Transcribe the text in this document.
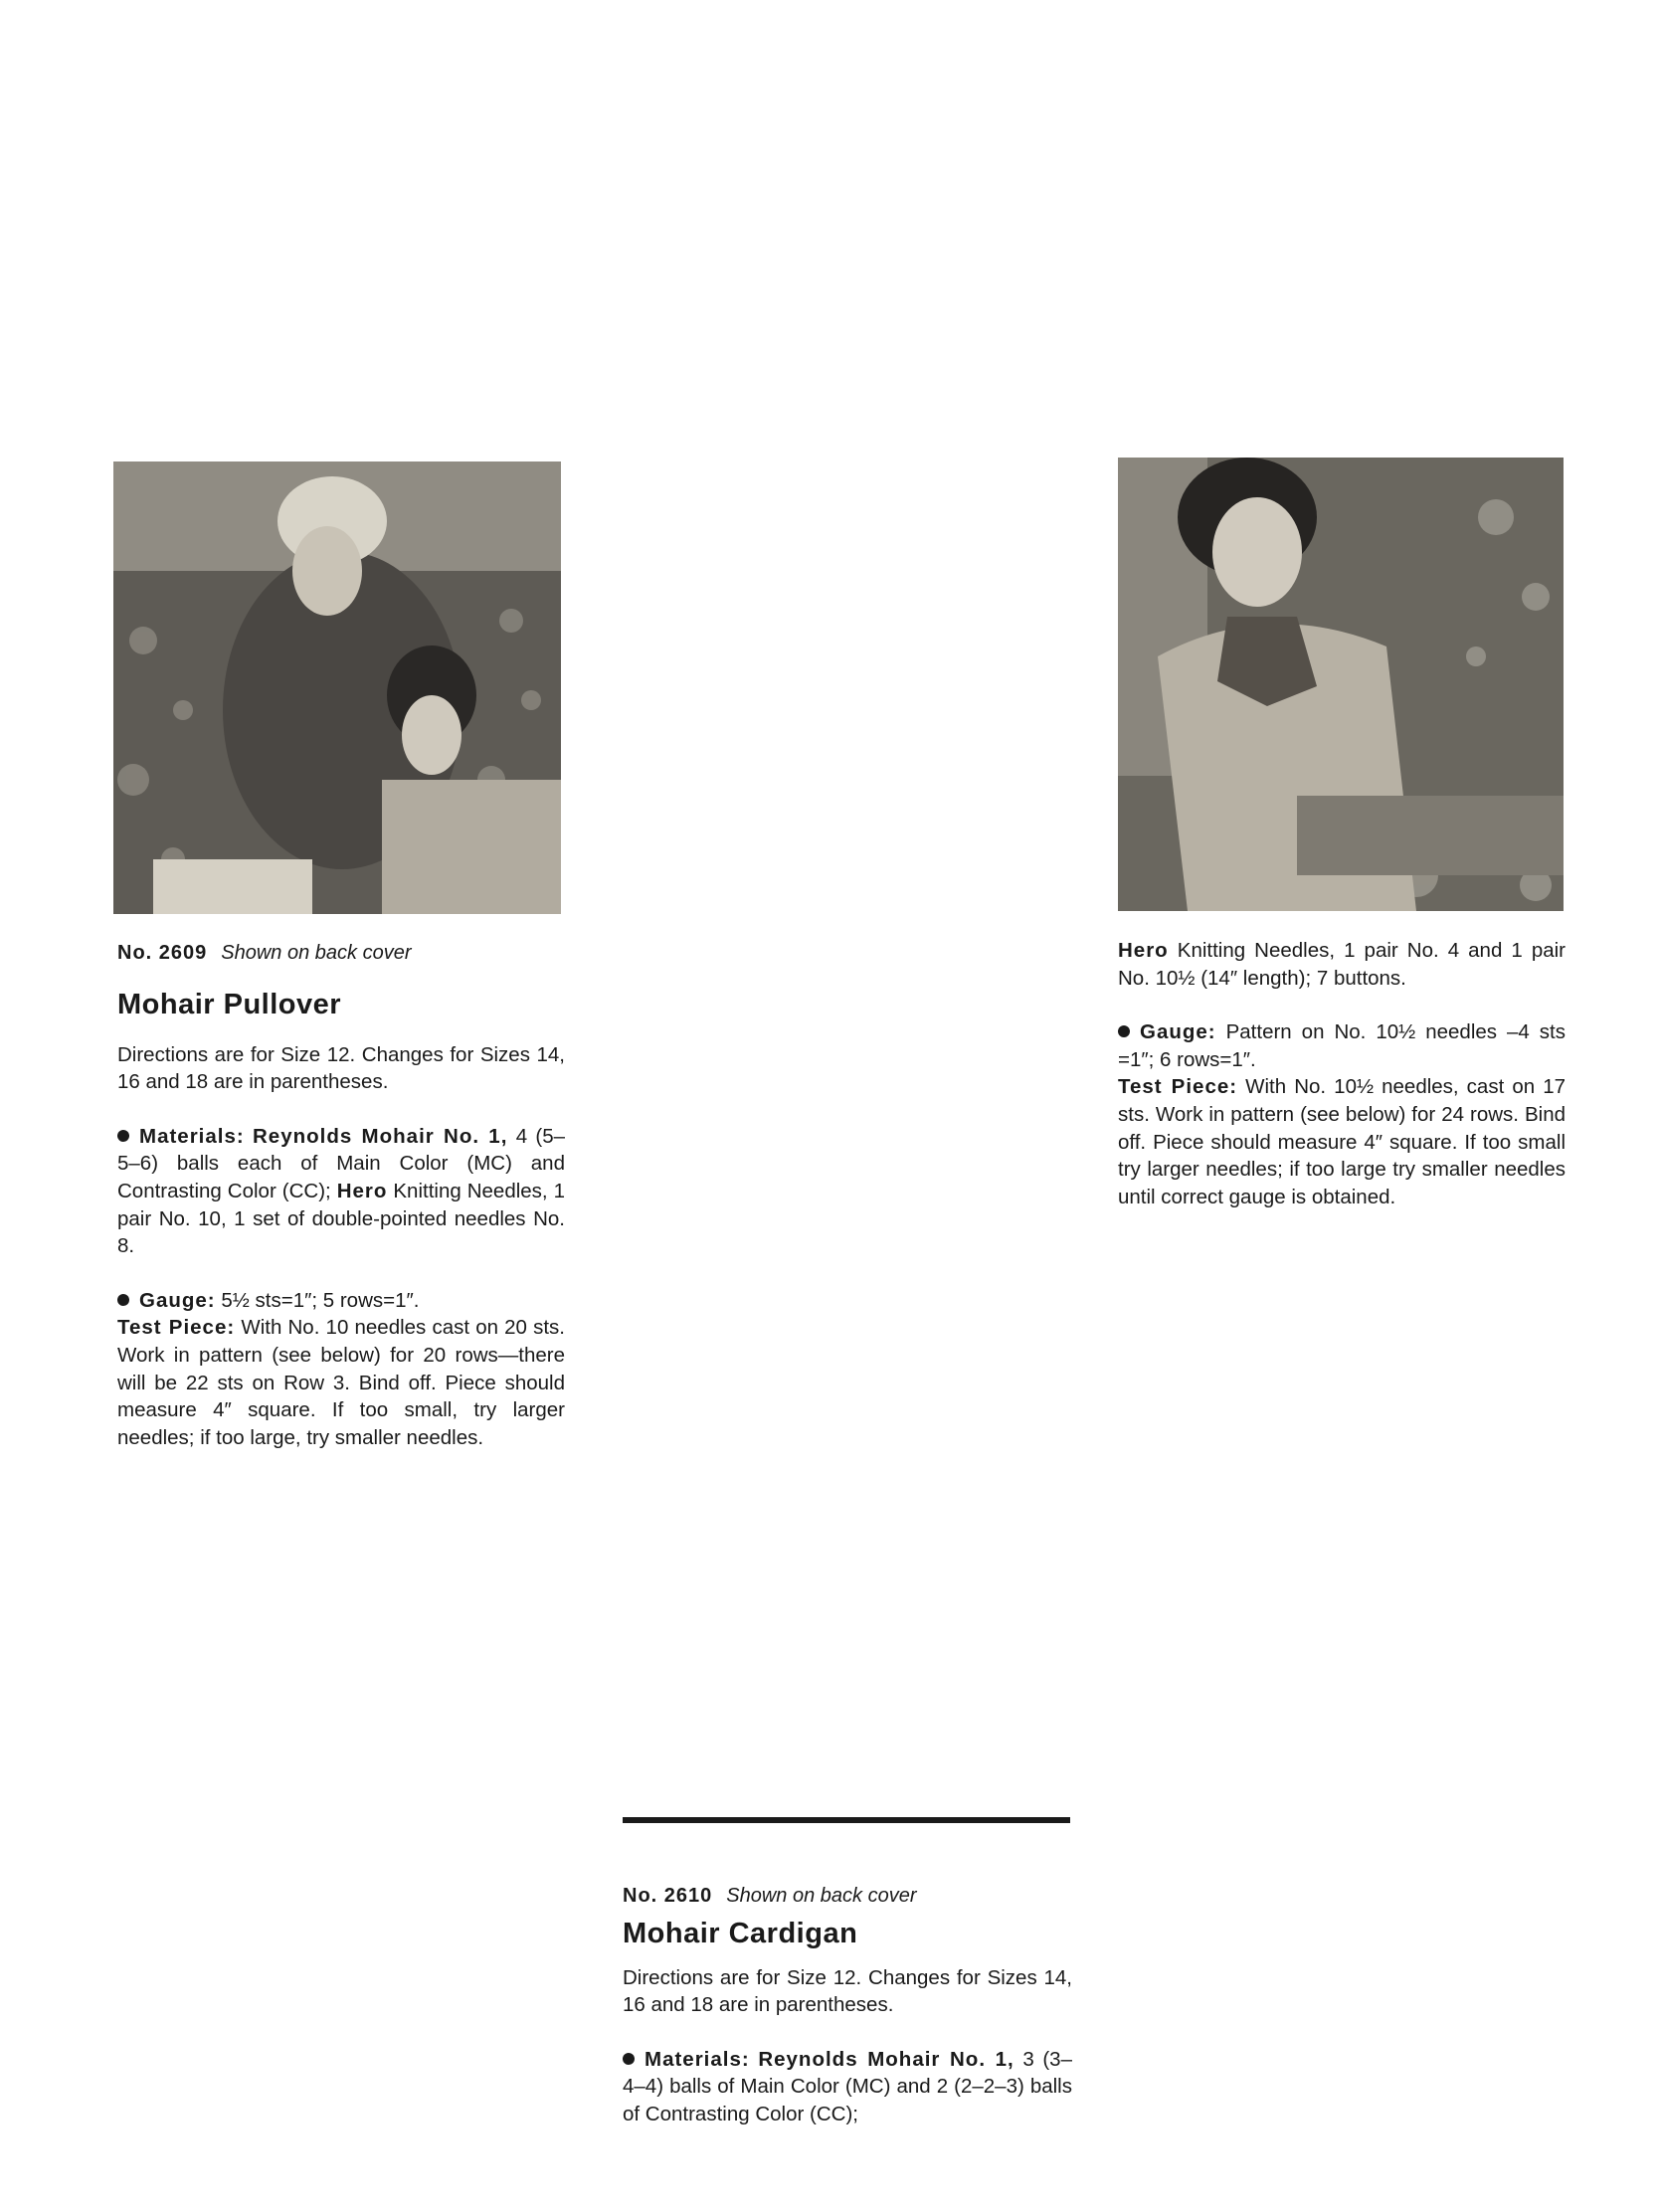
No. 2609 Shown on back cover

Mohair Pullover

Directions are for Size 12. Changes for Sizes 14, 16 and 18 are in parentheses.

Materials: Reynolds Mohair No. 1, 4 (5–5–6) balls each of Main Color (MC) and Contrasting Color (CC); Hero Knitting Needles, 1 pair No. 10, 1 set of double-pointed needles No. 8.

Gauge: 5½ sts=1″; 5 rows=1″.

Test Piece: With No. 10 needles cast on 20 sts. Work in pattern (see below) for 20 rows—there will be 22 sts on Row 3. Bind off. Piece should measure 4″ square. If too small, try larger needles; if too large, try smaller needles.

Hero Knitting Needles, 1 pair No. 4 and 1 pair No. 10½ (14″ length); 7 buttons.

Gauge: Pattern on No. 10½ needles –4 sts =1″; 6 rows=1″.

Test Piece: With No. 10½ needles, cast on 17 sts. Work in pattern (see below) for 24 rows. Bind off. Piece should measure 4″ square. If too small try larger needles; if too large try smaller needles until correct gauge is obtained.

No. 2610 Shown on back cover

Mohair Cardigan

Directions are for Size 12. Changes for Sizes 14, 16 and 18 are in parentheses.

Materials: Reynolds Mohair No. 1, 3 (3–4–4) balls of Main Color (MC) and 2 (2–2–3) balls of Contrasting Color (CC);
